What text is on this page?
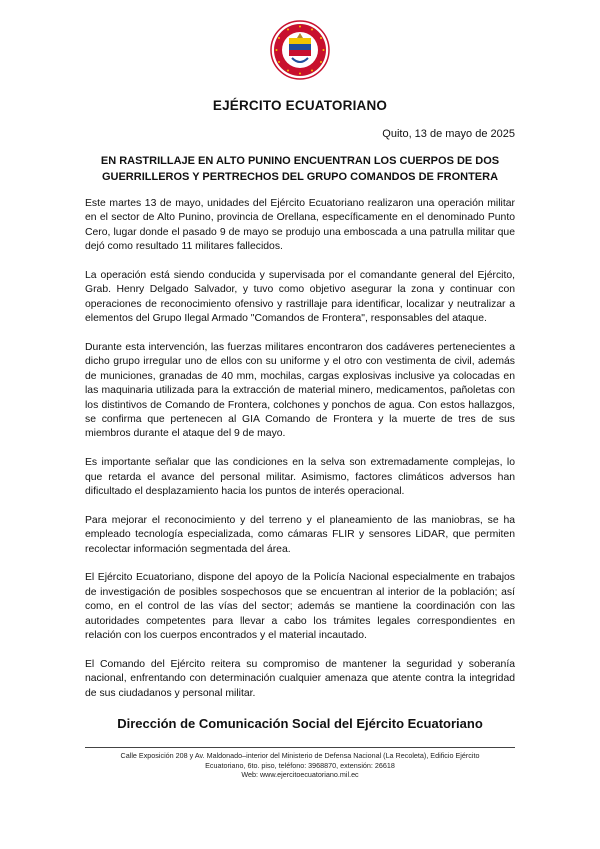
EJÉRCITO ECUATORIANO
Quito, 13 de mayo de 2025
EN RASTRILLAJE EN ALTO PUNINO ENCUENTRAN LOS CUERPOS DE DOS
GUERRILLEROS Y PERTRECHOS DEL GRUPO COMANDOS DE FRONTERA

Este martes 13 de mayo, unidades del Ejército Ecuatoriano realizaron una operación militar en el sector de Alto Punino, provincia de Orellana, específicamente en el denominado Punto Cero, lugar donde el pasado 9 de mayo se produjo una emboscada a una patrulla militar que dejó como resultado 11 militares fallecidos.

La operación está siendo conducida y supervisada por el comandante general del Ejército, Grab. Henry Delgado Salvador, y tuvo como objetivo asegurar la zona y continuar con operaciones de reconocimiento ofensivo y rastrillaje para identificar, localizar y neutralizar a elementos del Grupo Ilegal Armado "Comandos de Frontera", responsables del ataque.

Durante esta intervención, las fuerzas militares encontraron dos cadáveres pertenecientes a dicho grupo irregular uno de ellos con su uniforme y el otro con vestimenta de civil, además de municiones, granadas de 40 mm, mochilas, cargas explosivas inclusive ya colocadas en las maquinaria utilizada para la extracción de material minero, medicamentos, pañoletas con los distintivos de Comando de Frontera, colchones y ponchos de agua. Con estos hallazgos, se confirma que pertenecen al GIA Comando de Frontera y la muerte de tres de sus miembros durante el ataque del 9 de mayo.

Es importante señalar que las condiciones en la selva son extremadamente complejas, lo que retarda el avance del personal militar. Asimismo, factores climáticos adversos han dificultado el desplazamiento hacia los puntos de interés operacional.

Para mejorar el reconocimiento y del terreno y el planeamiento de las maniobras, se ha empleado tecnología especializada, como cámaras FLIR y sensores LiDAR, que permiten recolectar información segmentada del área.

El Ejército Ecuatoriano, dispone del apoyo de la Policía Nacional especialmente en trabajos de investigación de posibles sospechosos que se encuentran al interior de la población; así como, en el control de las vías del sector; además se mantiene la coordinación con las autoridades competentes para llevar a cabo los trámites legales correspondientes en relación con los cuerpos encontrados y el material incautado.

El Comando del Ejército reitera su compromiso de mantener la seguridad y soberanía nacional, enfrentando con determinación cualquier amenaza que atente contra la integridad de sus ciudadanos y personal militar.

Dirección de Comunicación Social del Ejército Ecuatoriano
Calle Exposición 208 y Av. Maldonado–interior del Ministerio de Defensa Nacional (La Recoleta), Edificio Ejército
Ecuatoriano, 6to. piso, teléfono: 3968870, extensión: 26618
Web: www.ejercitoecuatoriano.mil.ec
